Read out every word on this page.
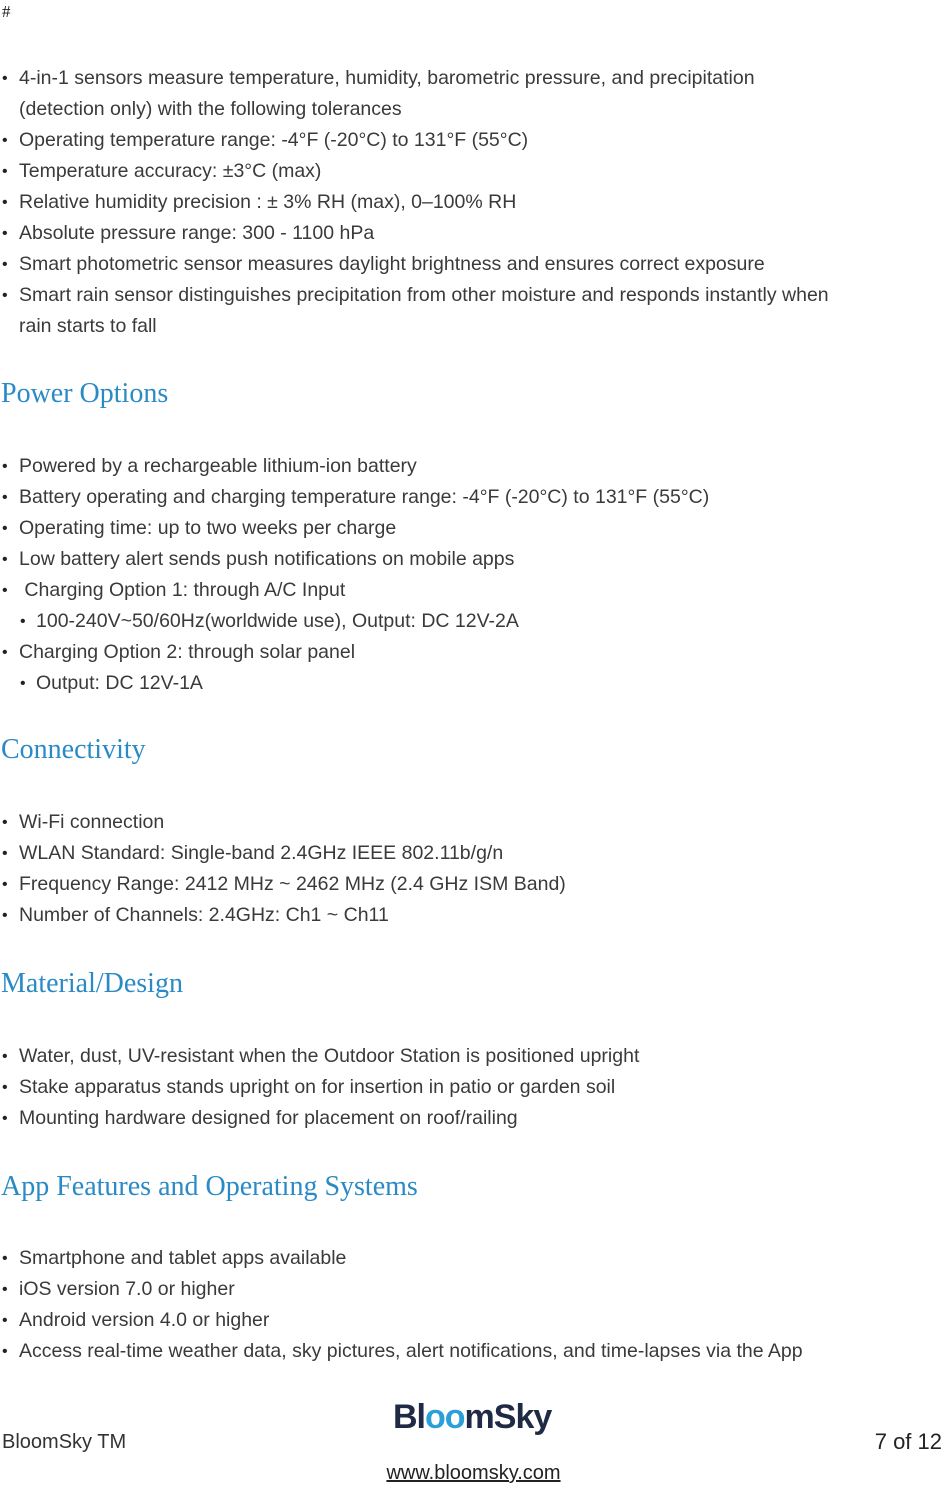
#
• 4-in-1 sensors measure temperature, humidity, barometric pressure, and precipitation
(detection only) with the following tolerances
• Operating temperature range: -4°F (-20°C) to 131°F (55°C)
• Temperature accuracy: ±3°C (max)
• Relative humidity precision : ± 3% RH (max), 0–100% RH
• Absolute pressure range: 300 - 1100 hPa
• Smart photometric sensor measures daylight brightness and ensures correct exposure
• Smart rain sensor distinguishes precipitation from other moisture and responds instantly when
rain starts to fall
Power Options
• Powered by a rechargeable lithium-ion battery
• Battery operating and charging temperature range: -4°F (-20°C) to 131°F (55°C)
• Operating time: up to two weeks per charge
• Low battery alert sends push notifications on mobile apps
•  Charging Option 1: through A/C Input
• 100-240V~50/60Hz(worldwide use), Output: DC 12V-2A
• Charging Option 2: through solar panel
• Output: DC 12V-1A
Connectivity
• Wi-Fi connection
• WLAN Standard: Single-band 2.4GHz IEEE 802.11b/g/n
• Frequency Range: 2412 MHz ~ 2462 MHz (2.4 GHz ISM Band)
• Number of Channels: 2.4GHz: Ch1 ~ Ch11
Material/Design
• Water, dust, UV-resistant when the Outdoor Station is positioned upright
• Stake apparatus stands upright on for insertion in patio or garden soil
• Mounting hardware designed for placement on roof/railing
App Features and Operating Systems
• Smartphone and tablet apps available
• iOS version 7.0 or higher
• Android version 4.0 or higher
• Access real-time weather data, sky pictures, alert notifications, and time-lapses via the App
BloomSky TM
BloomSky
7 of 12
www.bloomsky.com
